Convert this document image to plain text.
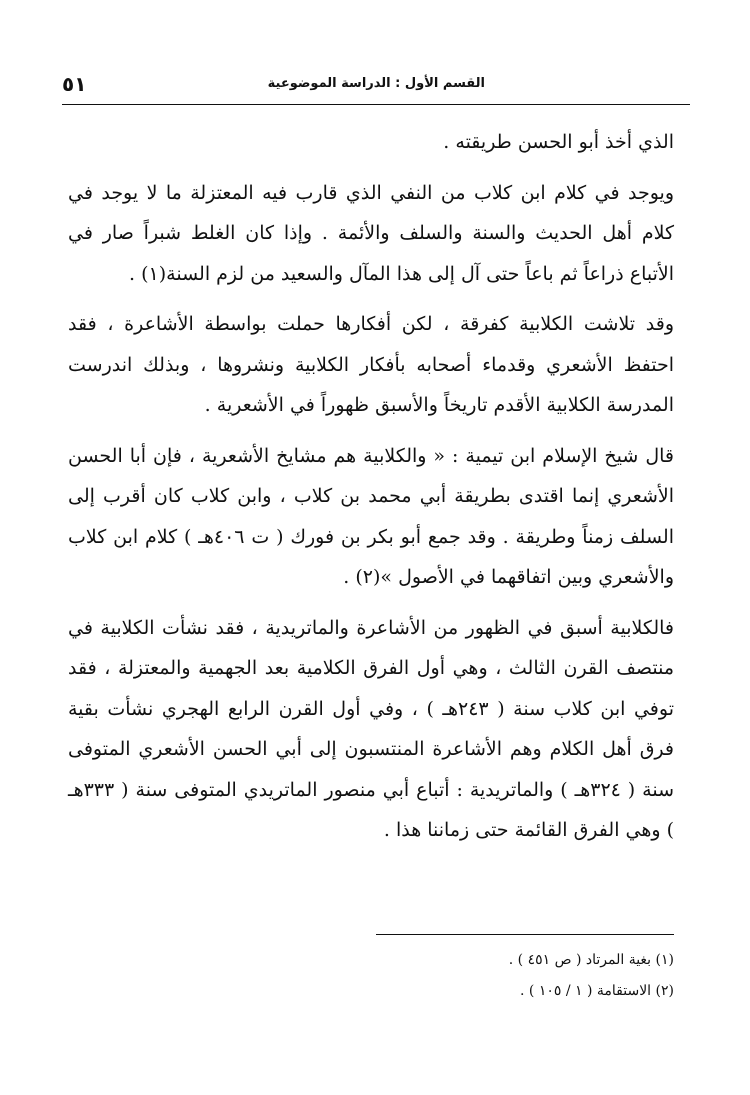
القسم الأول : الدراسة الموضوعية
٥١

الذي أخذ أبو الحسن طريقته .

ويوجد في كلام ابن كلاب من النفي الذي قارب فيه المعتزلة ما لا يوجد في كلام أهل الحديث والسنة والسلف والأئمة . وإذا كان الغلط شبراً صار في الأتباع ذراعاً ثم باعاً حتى آل إلى هذا المآل والسعيد من لزم السنة(١) .

وقد تلاشت الكلابية كفرقة ، لكن أفكارها حملت بواسطة الأشاعرة ، فقد احتفظ الأشعري وقدماء أصحابه بأفكار الكلابية ونشروها ، وبذلك اندرست المدرسة الكلابية الأقدم تاريخاً والأسبق ظهوراً في الأشعرية .

قال شيخ الإسلام ابن تيمية : « والكلابية هم مشايخ الأشعرية ، فإن أبا الحسن الأشعري إنما اقتدى بطريقة أبي محمد بن كلاب ، وابن كلاب كان أقرب إلى السلف زمناً وطريقة . وقد جمع أبو بكر بن فورك ( ت ٤٠٦هـ ) كلام ابن كلاب والأشعري وبين اتفاقهما في الأصول »(٢) .

فالكلابية أسبق في الظهور من الأشاعرة والماتريدية ، فقد نشأت الكلابية في منتصف القرن الثالث ، وهي أول الفرق الكلامية بعد الجهمية والمعتزلة ، فقد توفي ابن كلاب سنة ( ٢٤٣هـ ) ، وفي أول القرن الرابع الهجري نشأت بقية فرق أهل الكلام وهم الأشاعرة المنتسبون إلى أبي الحسن الأشعري المتوفى سنة ( ٣٢٤هـ ) والماتريدية : أتباع أبي منصور الماتريدي المتوفى سنة ( ٣٣٣هـ ) وهي الفرق القائمة حتى زماننا هذا .

(١) بغية المرتاد ( ص ٤٥١ ) .

(٢) الاستقامة ( ١ / ١٠٥ ) .
